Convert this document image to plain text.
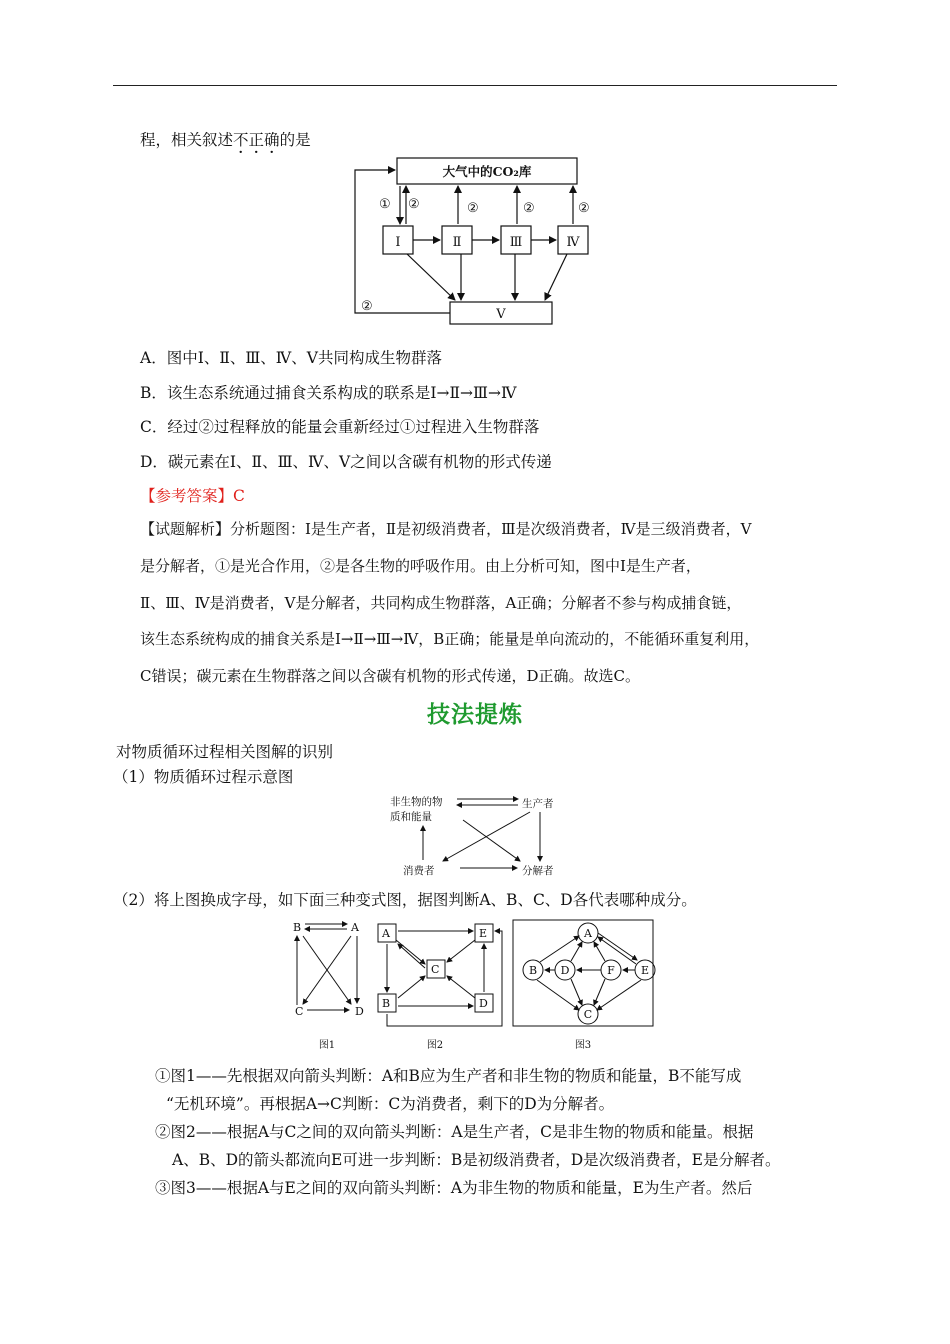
程，相关叙述不正确的是
大气中的CO₂库
Ⅰ	Ⅱ	Ⅲ	Ⅳ
Ⅴ
① ②	②	②	②
②
A．图中Ⅰ、Ⅱ、Ⅲ、Ⅳ、Ⅴ共同构成生物群落
B．该生态系统通过捕食关系构成的联系是Ⅰ→Ⅱ→Ⅲ→Ⅳ
C．经过②过程释放的能量会重新经过①过程进入生物群落
D．碳元素在Ⅰ、Ⅱ、Ⅲ、Ⅳ、Ⅴ之间以含碳有机物的形式传递
【参考答案】C
【试题解析】分析题图：Ⅰ是生产者，Ⅱ是初级消费者，Ⅲ是次级消费者，Ⅳ是三级消费者，Ⅴ
是分解者，①是光合作用，②是各生物的呼吸作用。由上分析可知，图中Ⅰ是生产者，
Ⅱ、Ⅲ、Ⅳ是消费者，Ⅴ是分解者，共同构成生物群落，A正确；分解者不参与构成捕食链，
该生态系统构成的捕食关系是Ⅰ→Ⅱ→Ⅲ→Ⅳ，B正确；能量是单向流动的，不能循环重复利用，
C错误；碳元素在生物群落之间以含碳有机物的形式传递，D正确。故选C。
技法提炼
对物质循环过程相关图解的识别
（1）物质循环过程示意图
非生物的物
质和能量
生产者
消费者	分解者
（2）将上图换成字母，如下面三种变式图，据图判断A、B、C、D各代表哪种成分。
B	A
C	D
A	E
C
B	D
A
B D	F E
C
图1	图2	图3
①图1——先根据双向箭头判断：A和B应为生产者和非生物的物质和能量，B不能写成
“无机环境”。再根据A→C判断：C为消费者，剩下的D为分解者。
②图2——根据A与C之间的双向箭头判断：A是生产者，C是非生物的物质和能量。根据
A、B、D的箭头都流向E可进一步判断：B是初级消费者，D是次级消费者，E是分解者。
③图3——根据A与E之间的双向箭头判断：A为非生物的物质和能量，E为生产者。然后
